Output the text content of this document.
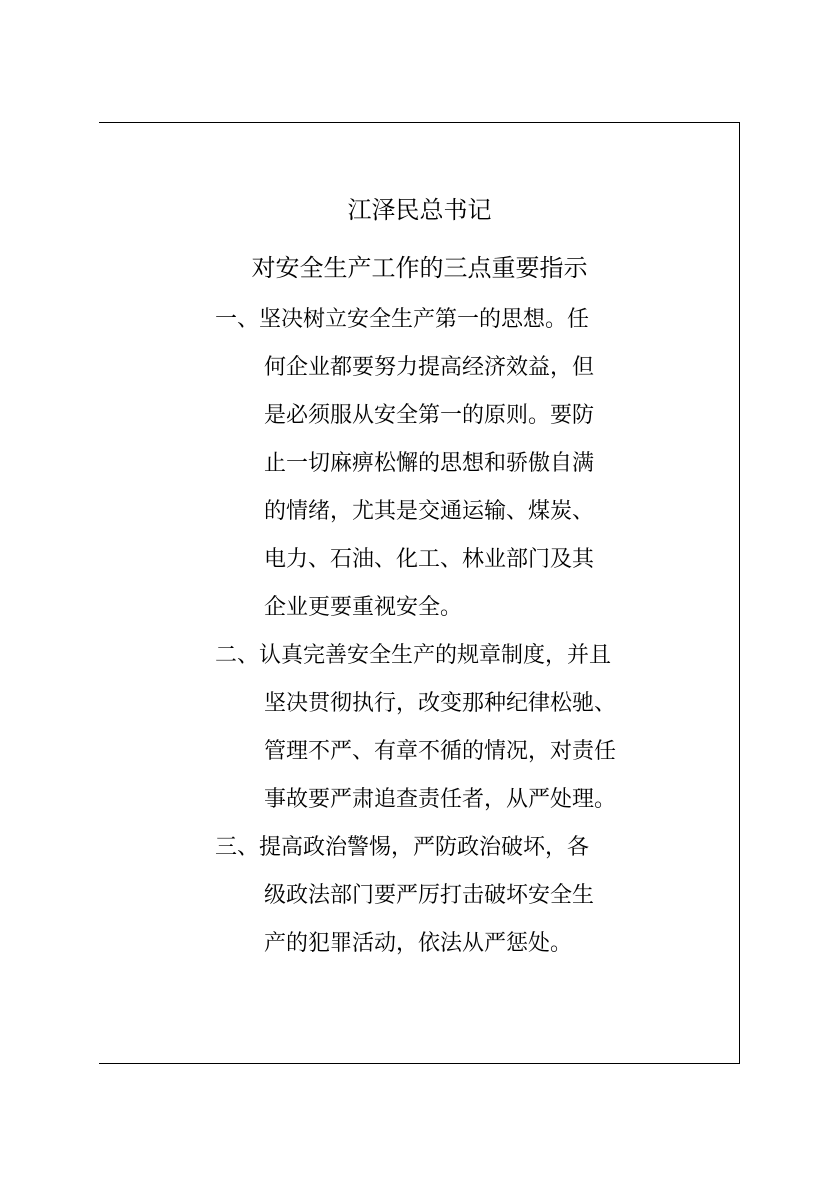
江泽民总书记
对安全生产工作的三点重要指示
一、坚决树立安全生产第一的思想。任
何企业都要努力提高经济效益，但
是必须服从安全第一的原则。要防
止一切麻痹松懈的思想和骄傲自满
的情绪，尤其是交通运输、煤炭、
电力、石油、化工、林业部门及其
企业更要重视安全。
二、认真完善安全生产的规章制度，并且
坚决贯彻执行，改变那种纪律松驰、
管理不严、有章不循的情况，对责任
事故要严肃追查责任者，从严处理。
三、提高政治警惕，严防政治破坏，各
级政法部门要严厉打击破坏安全生
产的犯罪活动，依法从严惩处。
